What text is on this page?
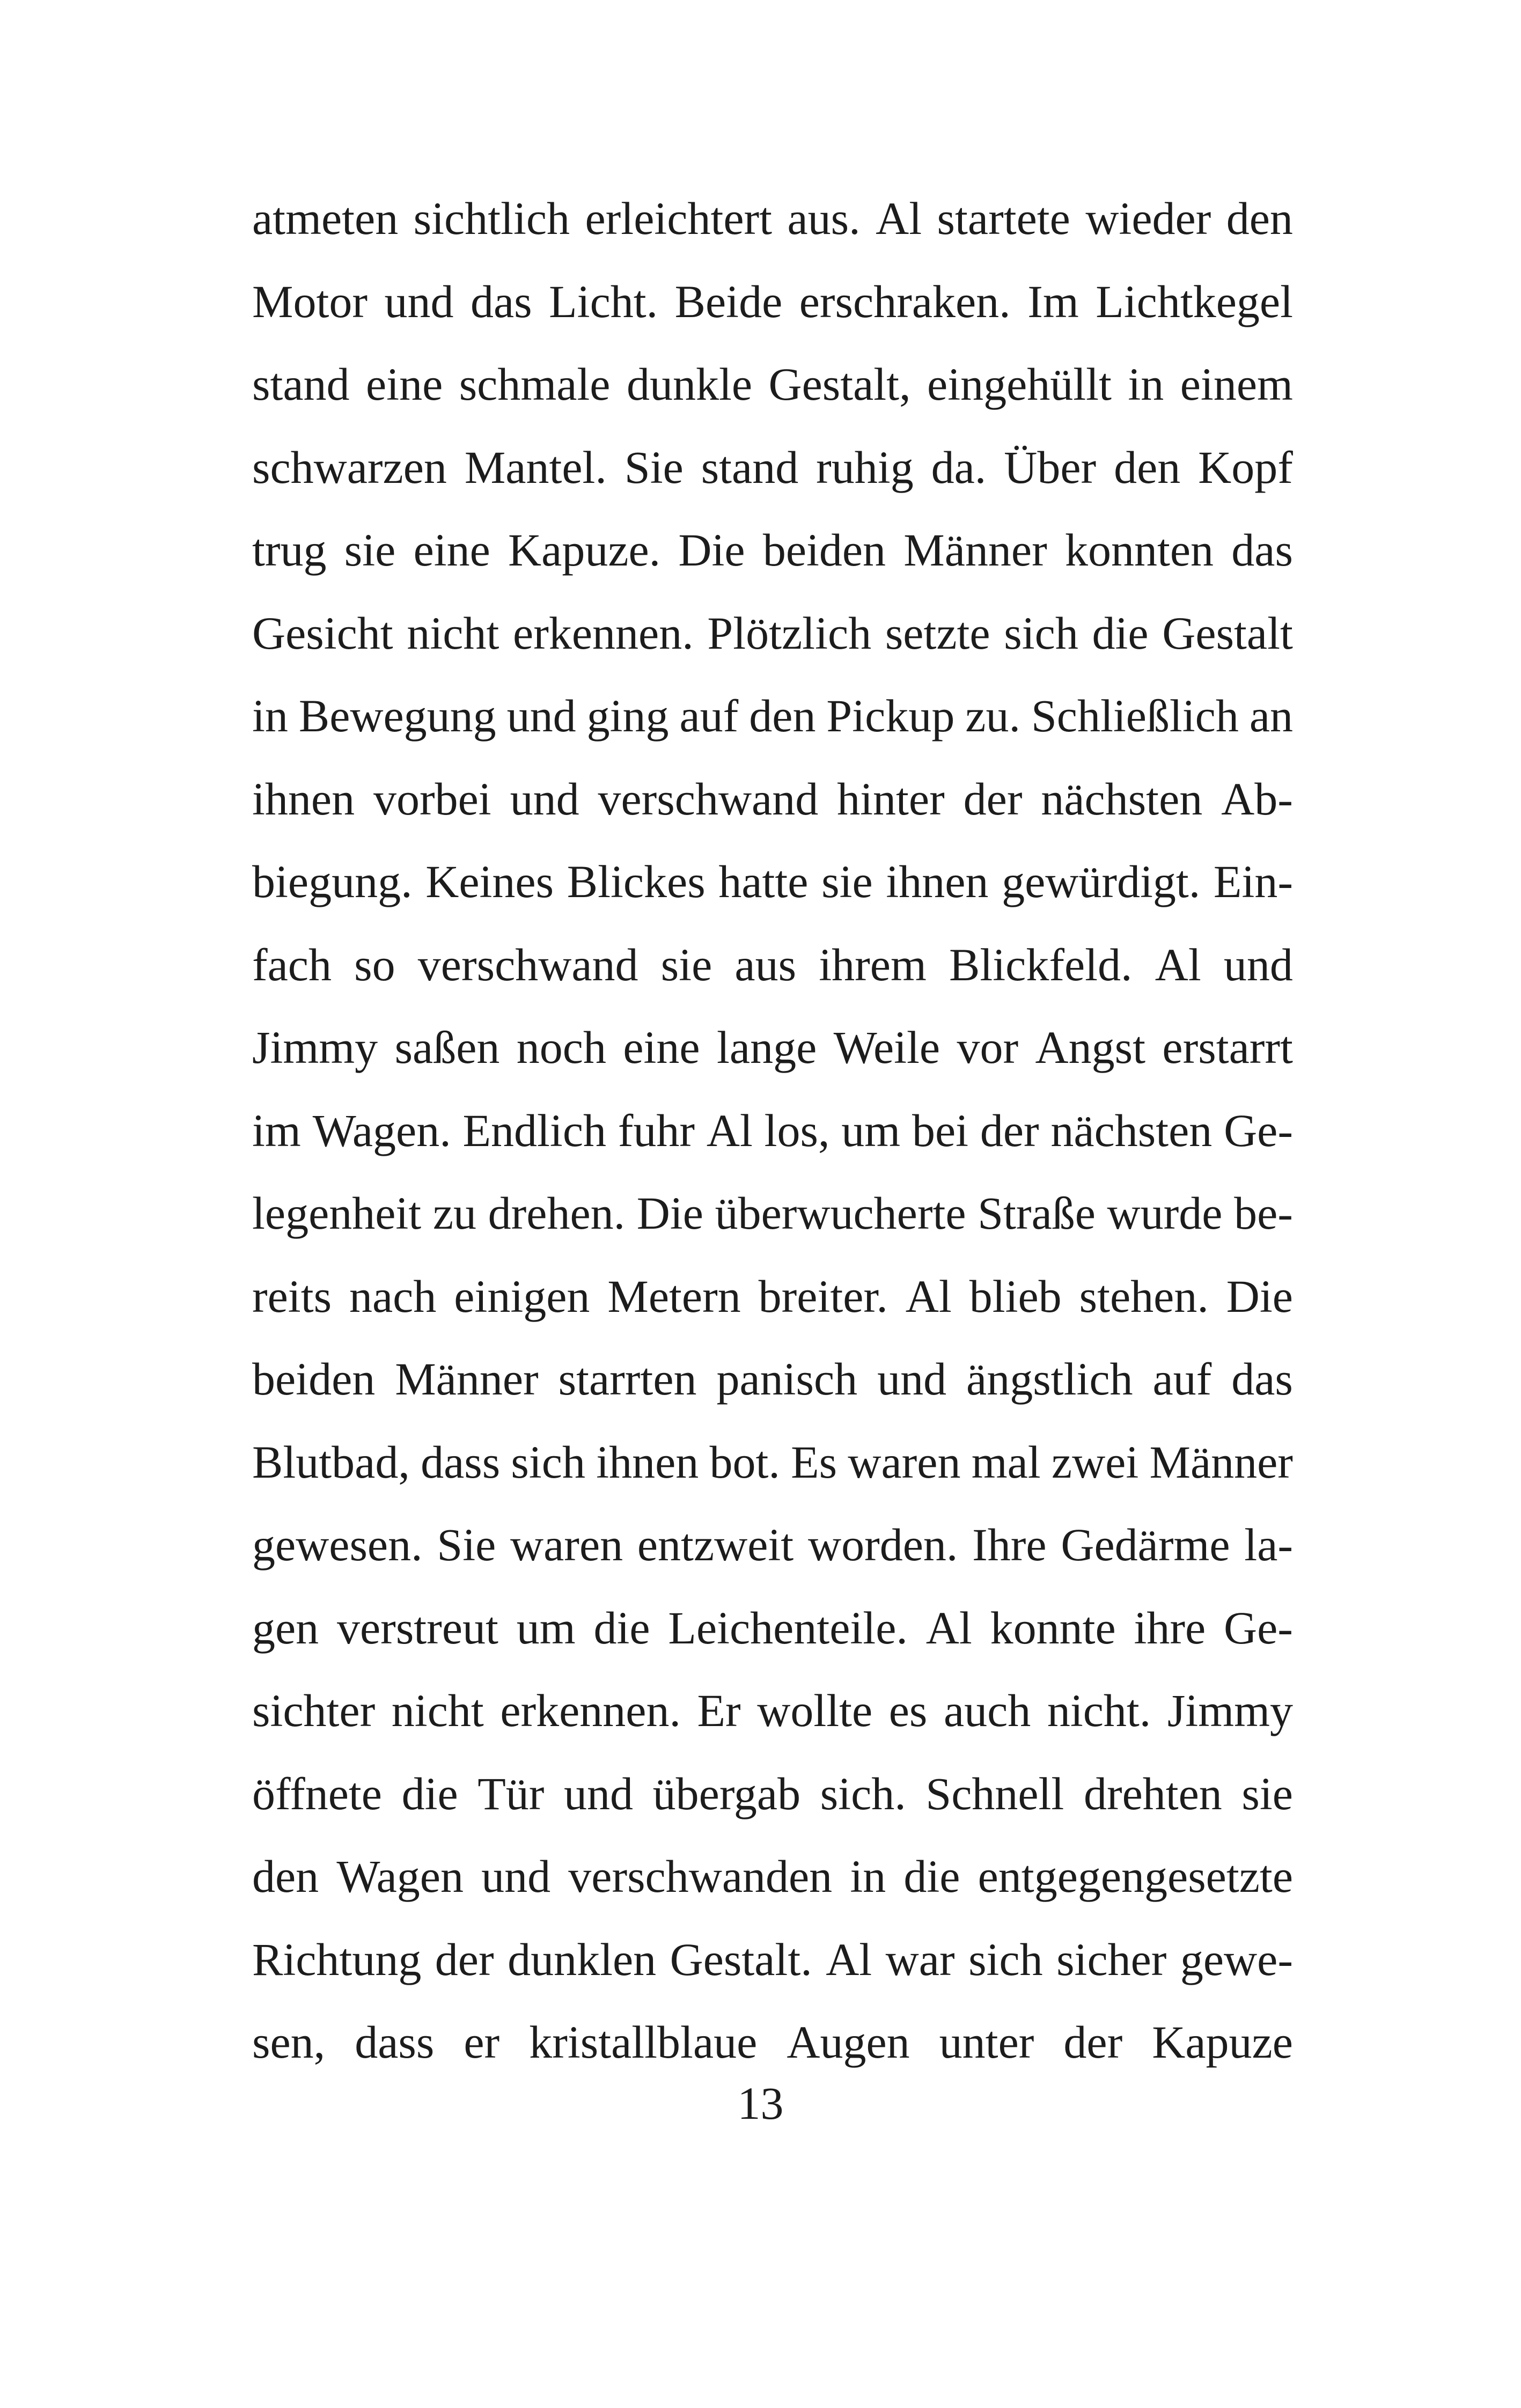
atmeten sichtlich erleichtert aus. Al startete wieder den
Motor und das Licht. Beide erschraken. Im Lichtkegel
stand eine schmale dunkle Gestalt, eingehüllt in einem
schwarzen Mantel. Sie stand ruhig da. Über den Kopf
trug sie eine Kapuze. Die beiden Männer konnten das
Gesicht nicht erkennen. Plötzlich setzte sich die Gestalt
in Bewegung und ging auf den Pickup zu. Schließlich an
ihnen vorbei und verschwand hinter der nächsten Ab-
biegung. Keines Blickes hatte sie ihnen gewürdigt. Ein-
fach so verschwand sie aus ihrem Blickfeld. Al und
Jimmy saßen noch eine lange Weile vor Angst erstarrt
im Wagen. Endlich fuhr Al los, um bei der nächsten Ge-
legenheit zu drehen. Die überwucherte Straße wurde be-
reits nach einigen Metern breiter. Al blieb stehen. Die
beiden Männer starrten panisch und ängstlich auf das
Blutbad, dass sich ihnen bot. Es waren mal zwei Männer
gewesen. Sie waren entzweit worden. Ihre Gedärme la-
gen verstreut um die Leichenteile. Al konnte ihre Ge-
sichter nicht erkennen. Er wollte es auch nicht. Jimmy
öffnete die Tür und übergab sich. Schnell drehten sie
den Wagen und verschwanden in die entgegengesetzte
Richtung der dunklen Gestalt. Al war sich sicher gewe-
sen, dass er kristallblaue Augen unter der Kapuze
13
